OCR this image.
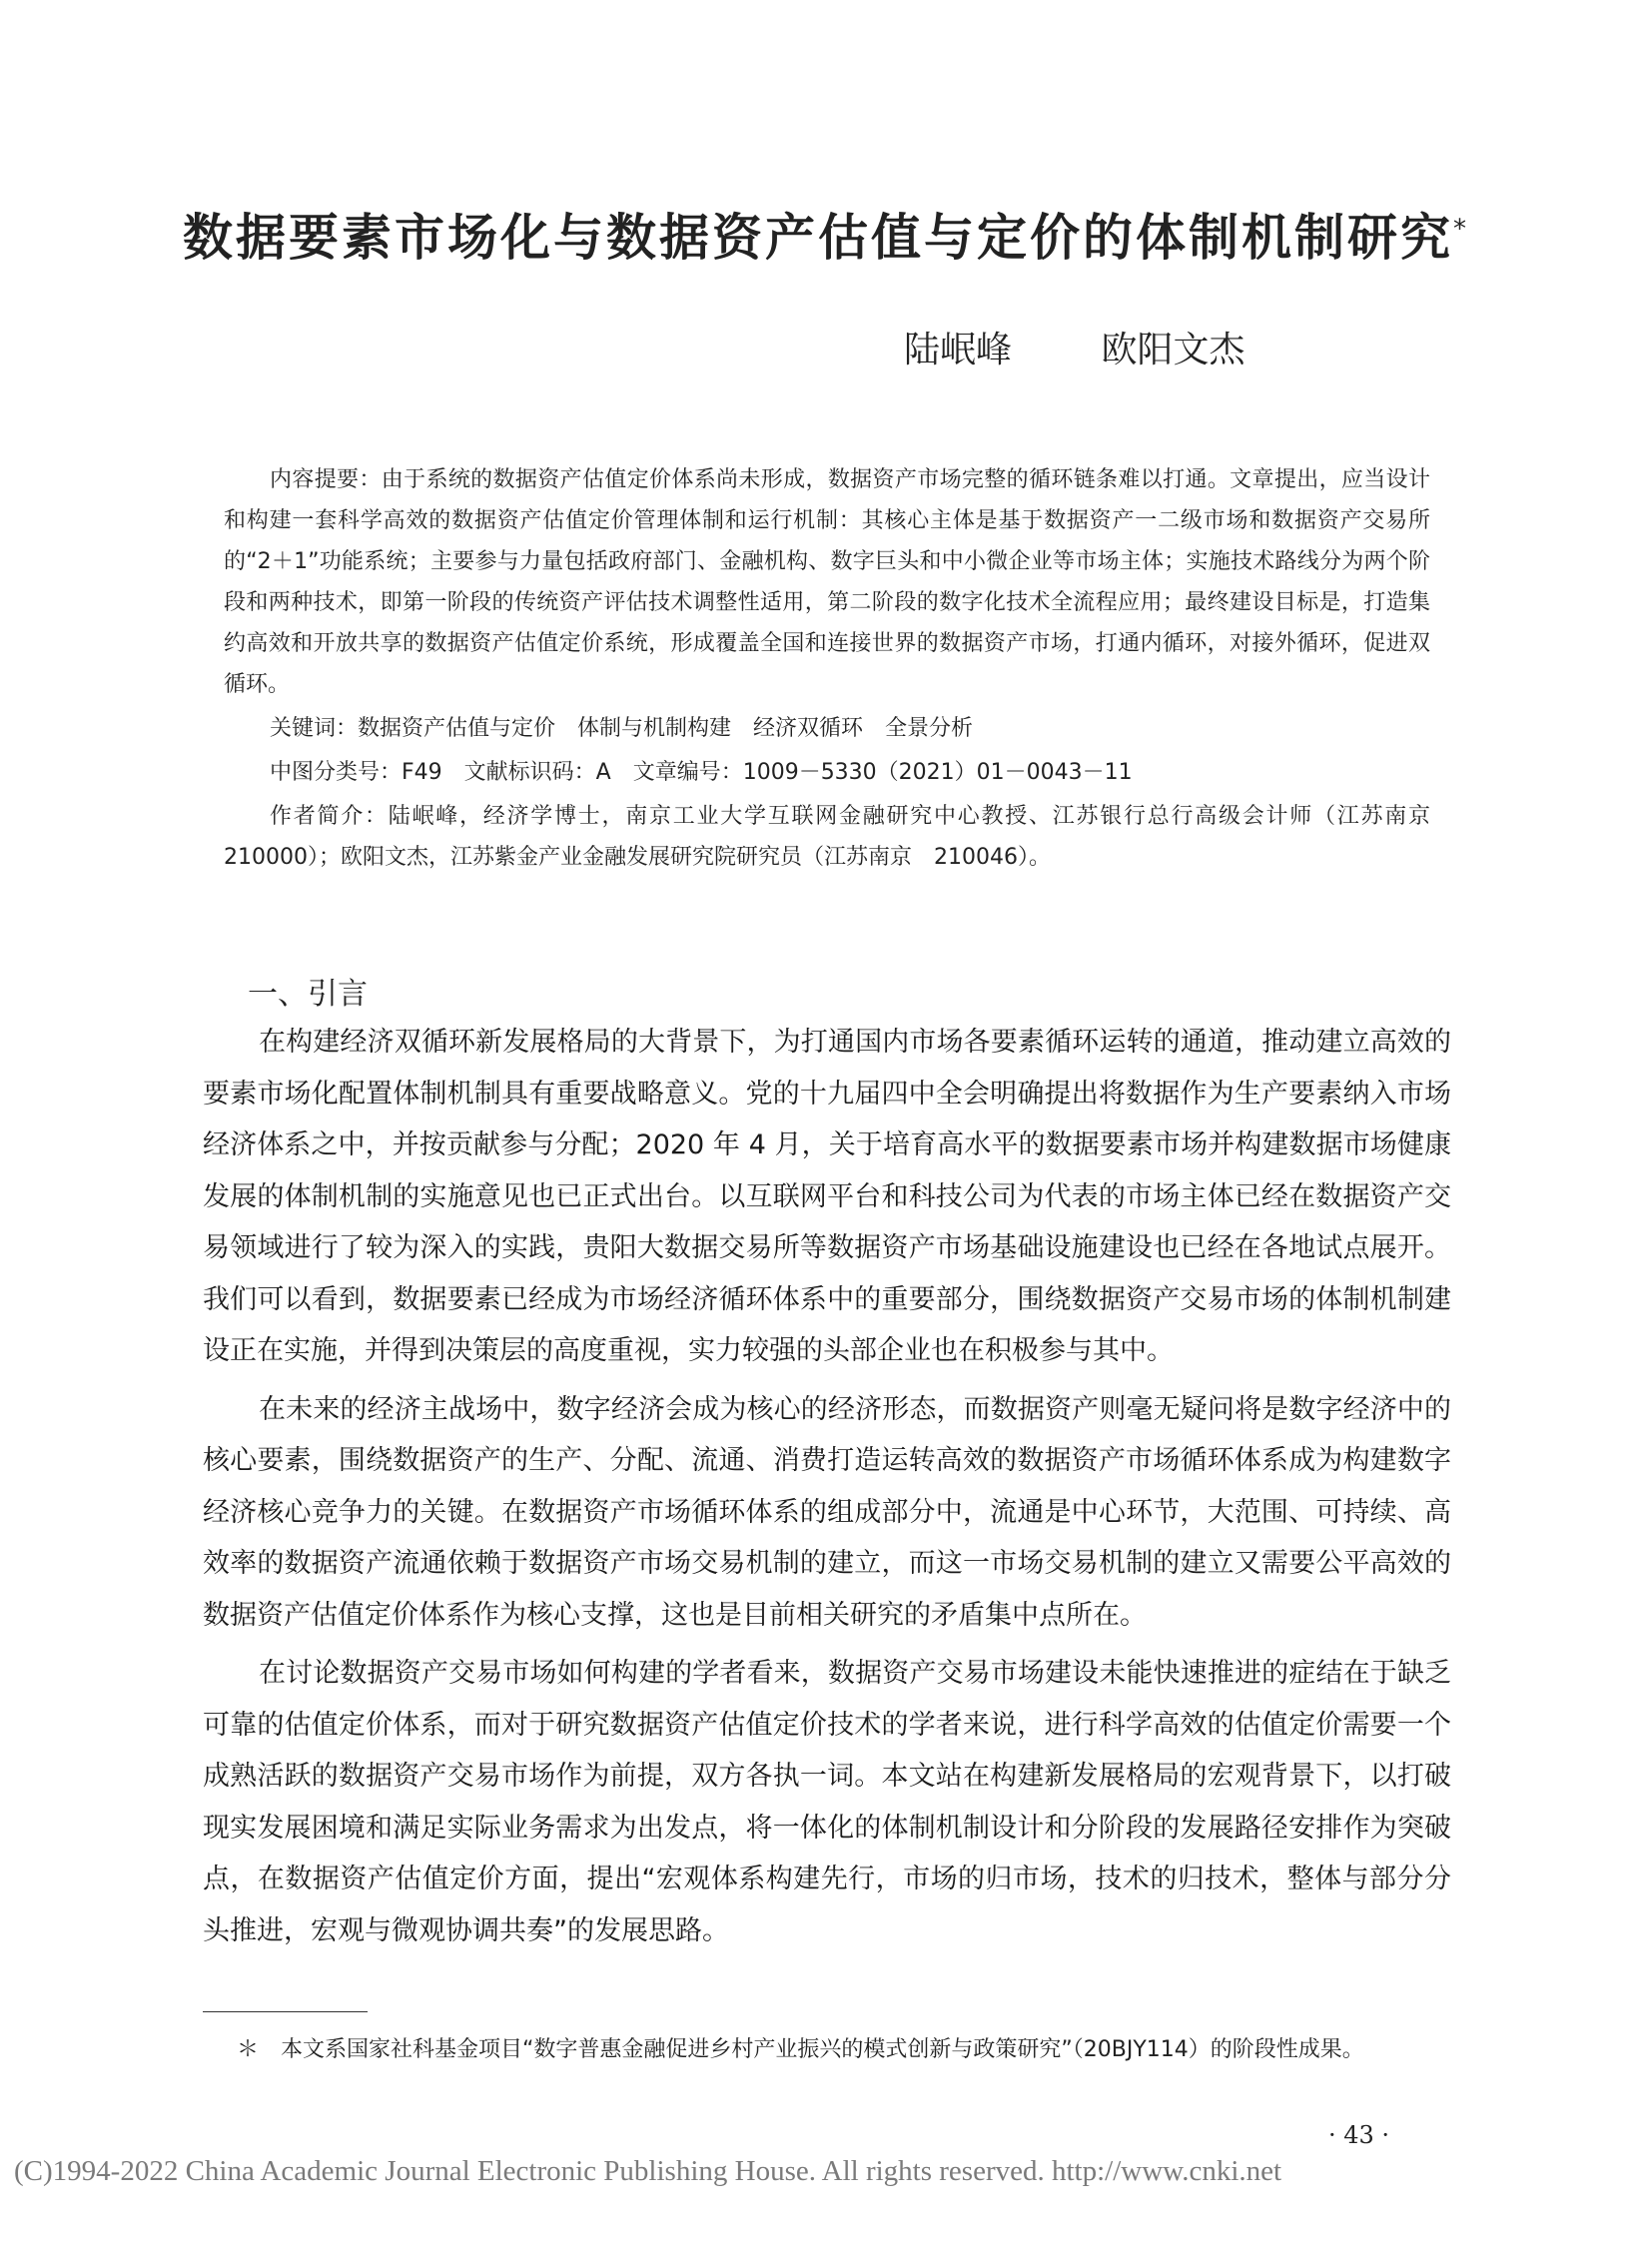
数据要素市场化与数据资产估值与定价的体制机制研究*
陆岷峰 欧阳文杰

内容提要：由于系统的数据资产估值定价体系尚未形成，数据资产市场完整的循环链条难以打通。文章提出，应当设计和构建一套科学高效的数据资产估值定价管理体制和运行机制：其核心主体是基于数据资产一二级市场和数据资产交易所的“2＋1”功能系统；主要参与力量包括政府部门、金融机构、数字巨头和中小微企业等市场主体；实施技术路线分为两个阶段和两种技术，即第一阶段的传统资产评估技术调整性适用，第二阶段的数字化技术全流程应用；最终建设目标是，打造集约高效和开放共享的数据资产估值定价系统，形成覆盖全国和连接世界的数据资产市场，打通内循环，对接外循环，促进双循环。

关键词：数据资产估值与定价　体制与机制构建　经济双循环　全景分析

中图分类号：F49　文献标识码：A　文章编号：1009－5330（2021）01－0043－11

作者简介：陆岷峰，经济学博士，南京工业大学互联网金融研究中心教授、江苏银行总行高级会计师（江苏南京　210000）；欧阳文杰，江苏紫金产业金融发展研究院研究员（江苏南京　210046）。

一、引言

在构建经济双循环新发展格局的大背景下，为打通国内市场各要素循环运转的通道，推动建立高效的要素市场化配置体制机制具有重要战略意义。党的十九届四中全会明确提出将数据作为生产要素纳入市场经济体系之中，并按贡献参与分配；2020 年 4 月，关于培育高水平的数据要素市场并构建数据市场健康发展的体制机制的实施意见也已正式出台。以互联网平台和科技公司为代表的市场主体已经在数据资产交易领域进行了较为深入的实践，贵阳大数据交易所等数据资产市场基础设施建设也已经在各地试点展开。我们可以看到，数据要素已经成为市场经济循环体系中的重要部分，围绕数据资产交易市场的体制机制建设正在实施，并得到决策层的高度重视，实力较强的头部企业也在积极参与其中。

在未来的经济主战场中，数字经济会成为核心的经济形态，而数据资产则毫无疑问将是数字经济中的核心要素，围绕数据资产的生产、分配、流通、消费打造运转高效的数据资产市场循环体系成为构建数字经济核心竞争力的关键。在数据资产市场循环体系的组成部分中，流通是中心环节，大范围、可持续、高效率的数据资产流通依赖于数据资产市场交易机制的建立，而这一市场交易机制的建立又需要公平高效的数据资产估值定价体系作为核心支撑，这也是目前相关研究的矛盾集中点所在。

在讨论数据资产交易市场如何构建的学者看来，数据资产交易市场建设未能快速推进的症结在于缺乏可靠的估值定价体系，而对于研究数据资产估值定价技术的学者来说，进行科学高效的估值定价需要一个成熟活跃的数据资产交易市场作为前提，双方各执一词。本文站在构建新发展格局的宏观背景下，以打破现实发展困境和满足实际业务需求为出发点，将一体化的体制机制设计和分阶段的发展路径安排作为突破点，在数据资产估值定价方面，提出“宏观体系构建先行，市场的归市场，技术的归技术，整体与部分分头推进，宏观与微观协调共奏”的发展思路。

＊　本文系国家社科基金项目“数字普惠金融促进乡村产业振兴的模式创新与政策研究”（20BJY114）的阶段性成果。

· 43 ·
(C)1994-2022 China Academic Journal Electronic Publishing House. All rights reserved. http://www.cnki.net
